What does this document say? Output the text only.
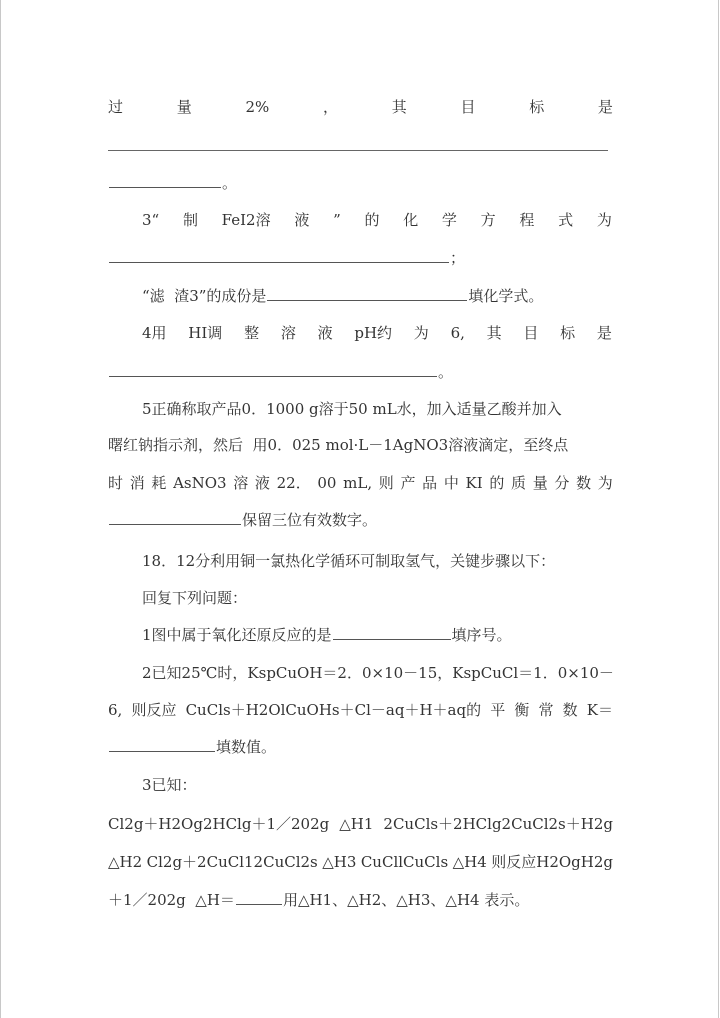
过	量	2%	，	其	目	标	是
。
3“ 制 FeI2溶 液 ” 的 化 学 方 程 式 为
；
“滤  渣3”的成份是	填化学式。
4用 HI调 整 溶 液 pH约 为 6, 其 目 标 是
。
5正确称取产品0．1000 g溶于50 mL水，加入适量乙酸并加入
曙红钠指示剂，然后  用0．025 mol·L－1AgNO3溶液滴定，至终点
时 消 耗 AsNO3 溶 液 22． 00 mL, 则 产 品 中 KI 的 质 量 分 数 为
保留三位有效数字。
18．12分利用铜一氯热化学循环可制取氢气，关键步骤以下：
回复下列问题：
1图中属于氧化还原反应的是	填序号。
2已知25℃时，KspCuOH＝2．0×10－15，KspCuCl＝1．0×10－
6, 则反应 CuCls＋H2OlCuOHs＋Cl－aq＋H＋aq的 平 衡 常 数 K＝
填数值。
3已知：
Cl2g＋H2Og2HClg＋1／202g △H1 2CuCls＋2HClg2CuCl2s＋H2g
△H2 Cl2g＋2CuCl12CuCl2s △H3 CuCllCuCls △H4 则反应H2OgH2g
＋1／202g  △H＝	用△H1、△H2、△H3、△H4 表示。
